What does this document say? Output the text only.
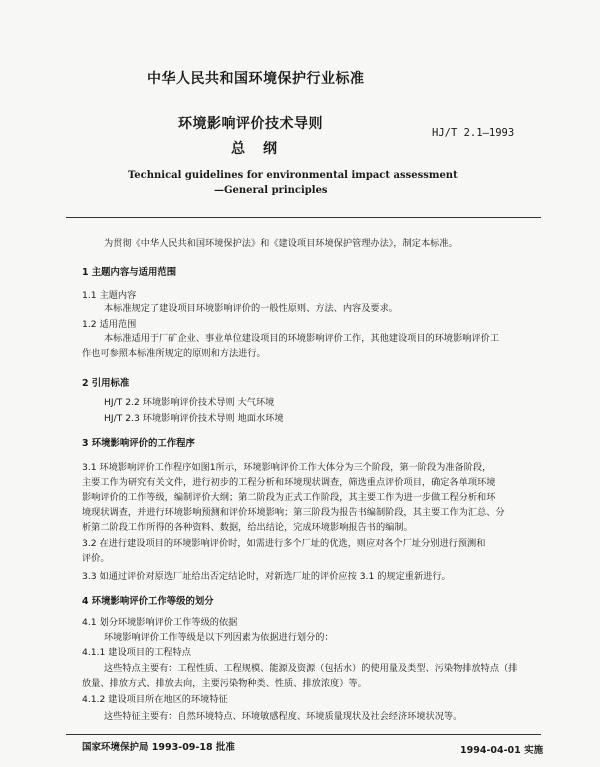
中华人民共和国环境保护行业标准
环境影响评价技术导则
总纲
HJ/T 2.1—1993
Technical guidelines for environmental impact assessment
—General principles
为贯彻《中华人民共和国环境保护法》和《建设项目环境保护管理办法》，制定本标准。
1 主题内容与适用范围
1.1 主题内容
本标准规定了建设项目环境影响评价的一般性原则、方法、内容及要求。
1.2 适用范围
本标准适用于厂矿企业、事业单位建设项目的环境影响评价工作，其他建设项目的环境影响评价工
作也可参照本标准所规定的原则和方法进行。
2 引用标准
HJ/T 2.2 环境影响评价技术导则 大气环境
HJ/T 2.3 环境影响评价技术导则 地面水环境
3 环境影响评价的工作程序
3.1 环境影响评价工作程序如图1所示，环境影响评价工作大体分为三个阶段，第一阶段为准备阶段，
主要工作为研究有关文件，进行初步的工程分析和环境现状调查，筛选重点评价项目，确定各单项环境
影响评价的工作等级，编制评价大纲；第二阶段为正式工作阶段，其主要工作为进一步做工程分析和环
境现状调查，并进行环境影响预测和评价环境影响；第三阶段为报告书编制阶段，其主要工作为汇总、分
析第二阶段工作所得的各种资料、数据，给出结论，完成环境影响报告书的编制。
3.2 在进行建设项目的环境影响评价时，如需进行多个厂址的优选，则应对各个厂址分别进行预测和
评价。
3.3 如通过评价对原选厂址给出否定结论时，对新选厂址的评价应按 3.1 的规定重新进行。
4 环境影响评价工作等级的划分
4.1 划分环境影响评价工作等级的依据
环境影响评价工作等级是以下列因素为依据进行划分的：
4.1.1 建设项目的工程特点
这些特点主要有：工程性质、工程规模、能源及资源（包括水）的使用量及类型、污染物排放特点（排
放量、排放方式、排放去向，主要污染物种类、性质、排放浓度）等。
4.1.2 建设项目所在地区的环境特征
这些特征主要有：自然环境特点、环境敏感程度、环境质量现状及社会经济环境状况等。
国家环境保护局 1993-09-18 批准	1994-04-01 实施
